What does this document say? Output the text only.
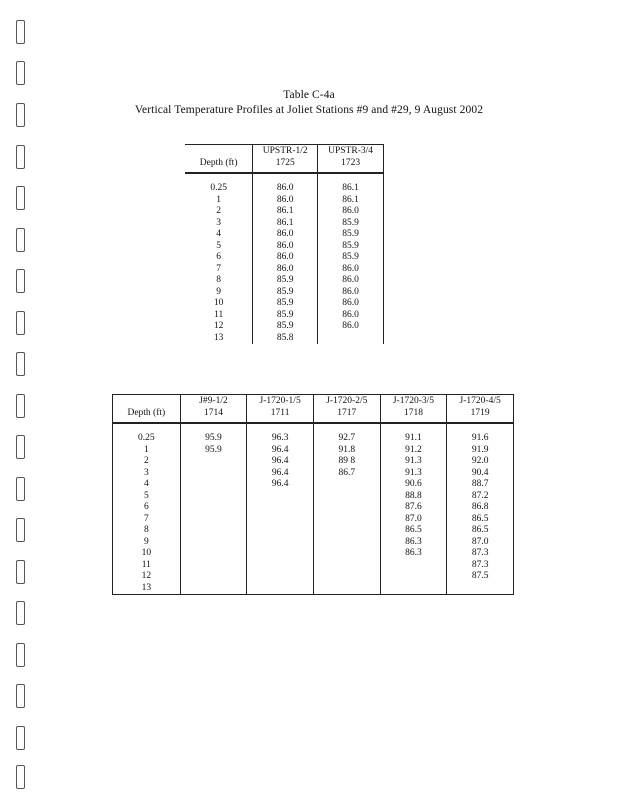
Table C-4a
Vertical Temperature Profiles at Joliet Stations #9 and #29, 9 August 2002
	UPSTR-1/2	UPSTR-3/4
Depth (ft)	1725	1723

0.25	86.0	86.1
1	86.0	86.1
2	86.1	86.0
3	86.1	85.9
4	86.0	85.9
5	86.0	85.9
6	86.0	85.9
7	86.0	86.0
8	85.9	86.0
9	85.9	86.0
10	85.9	86.0
11	85.9	86.0
12	85.9	86.0
13	85.8	
	J#9-1/2	J-1720-1/5	J-1720-2/5	J-1720-3/5	J-1720-4/5
Depth (ft)	1714	1711	1717	1718	1719

0.25	95.9	96.3	92.7	91.1	91.6
1	95.9	96.4	91.8	91.2	91.9
2		96.4	89 8	91.3	92.0
3		96.4	86.7	91.3	90.4
4		96.4		90.6	88.7
5				88.8	87.2
6				87.6	86.8
7				87.0	86.5
8				86.5	86.5
9				86.3	87.0
10				86.3	87.3
11					87.3
12					87.5
13					
